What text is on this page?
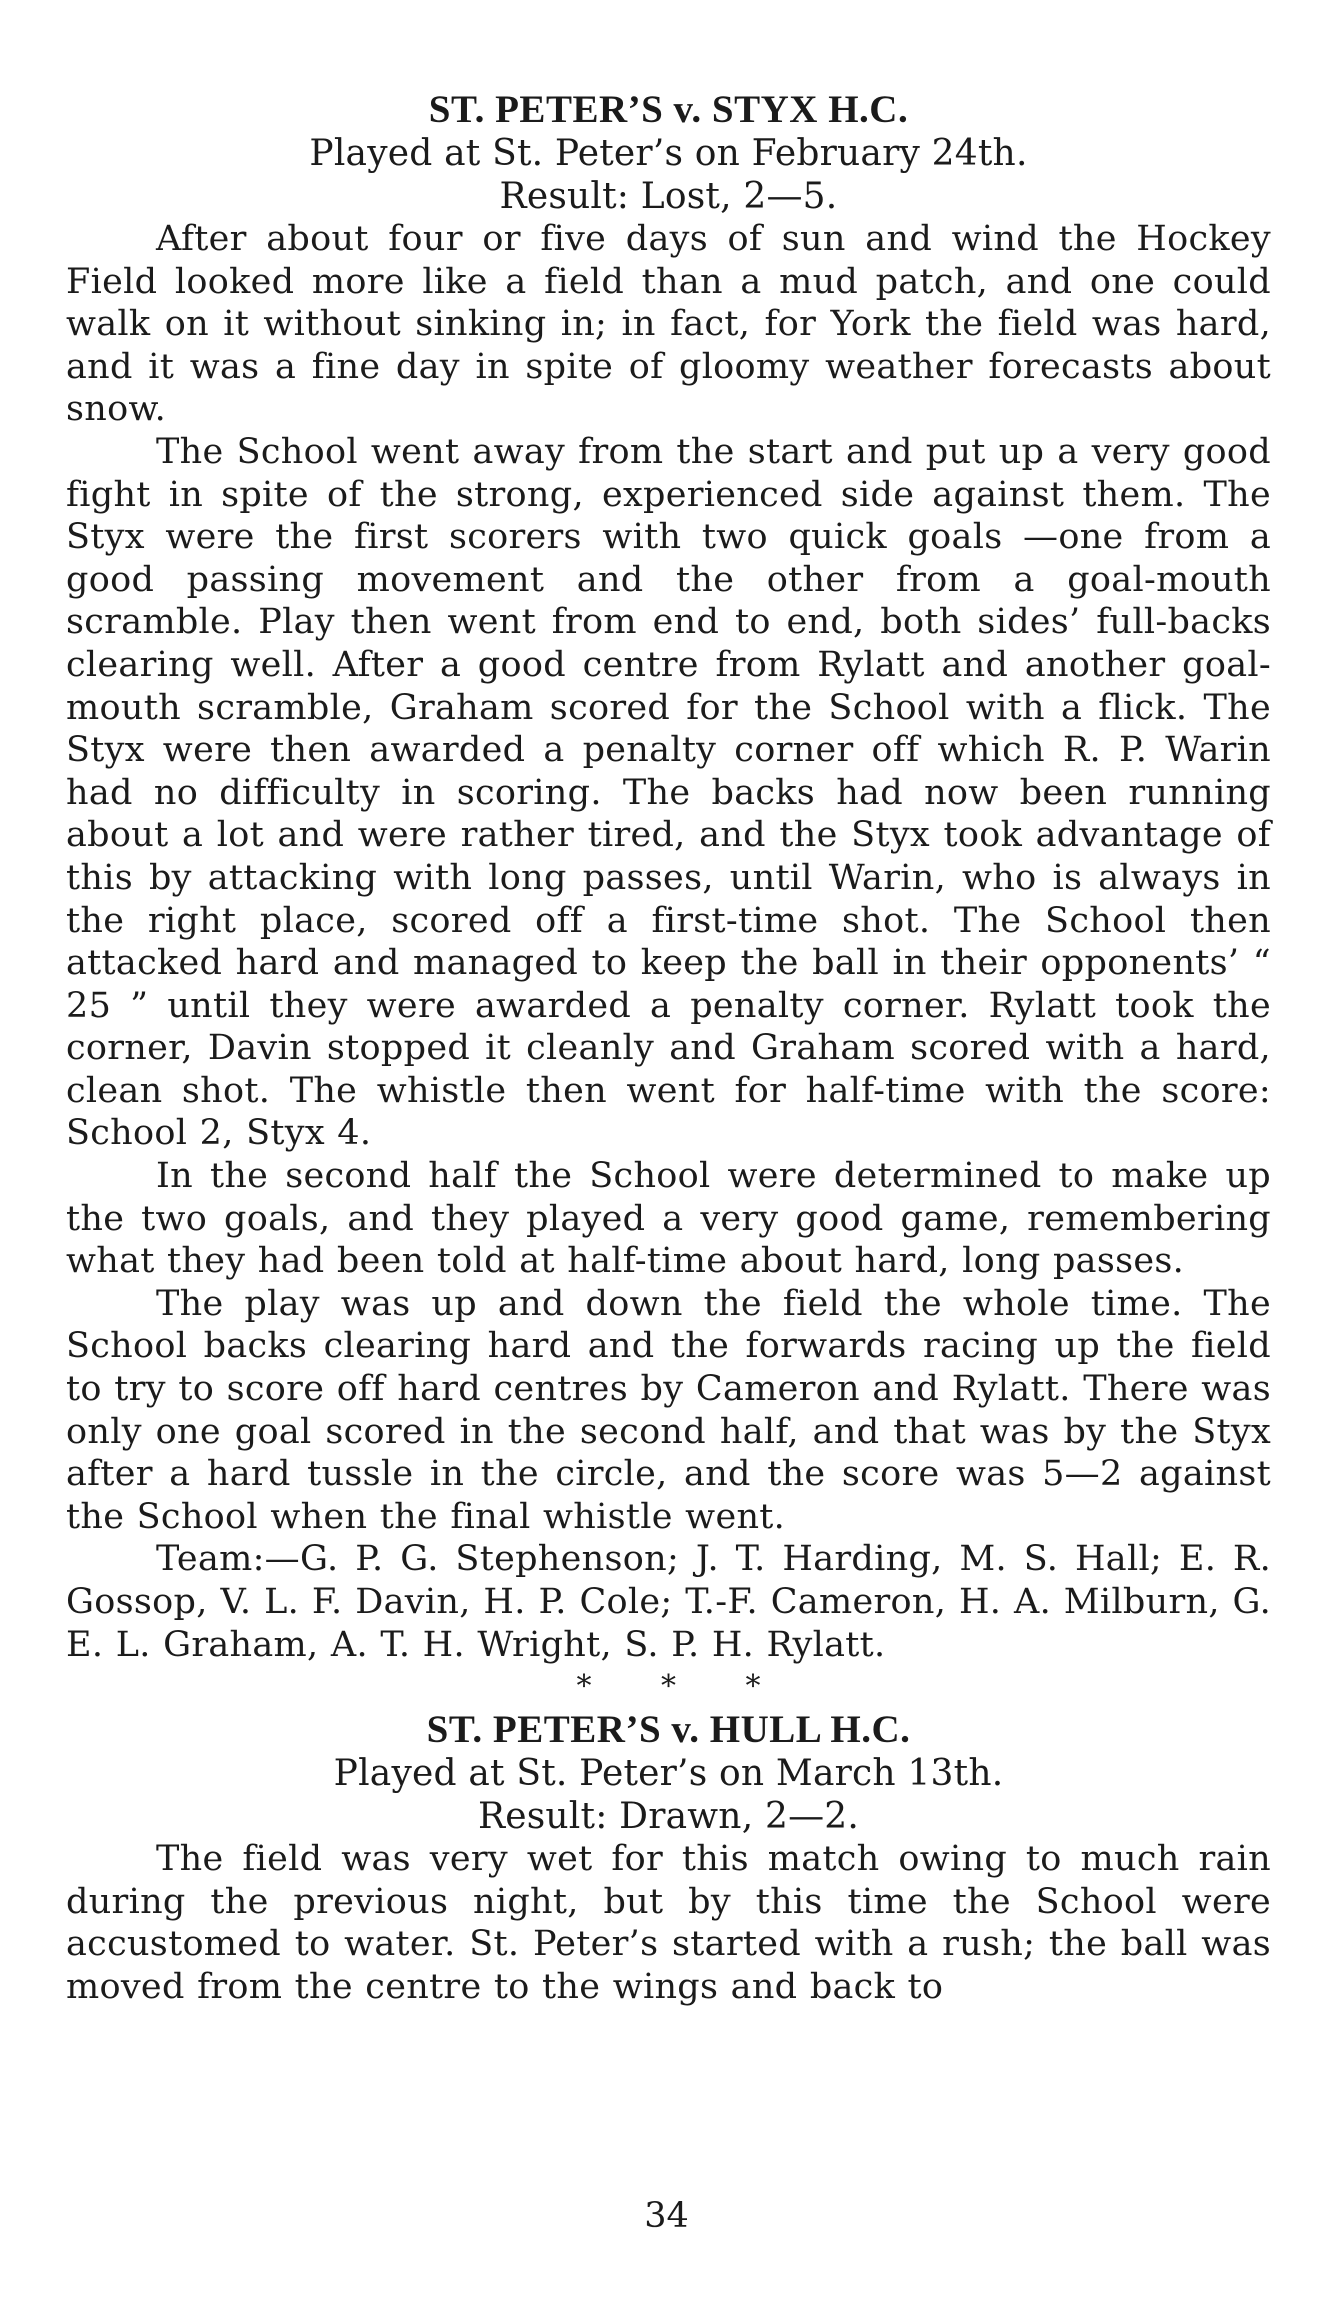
ST. PETER’S v. STYX H.C.

Played at St. Peter’s on February 24th.

Result: Lost, 2—5.

After about four or five days of sun and wind the Hockey Field looked more like a field than a mud patch, and one could walk on it without sinking in; in fact, for York the field was hard, and it was a fine day in spite of gloomy weather forecasts about snow.

The School went away from the start and put up a very good fight in spite of the strong, experienced side against them. The Styx were the first scorers with two quick goals —one from a good passing movement and the other from a goal-mouth scramble. Play then went from end to end, both sides’ full-backs clearing well. After a good centre from Rylatt and another goal-mouth scramble, Graham scored for the School with a flick. The Styx were then awarded a penalty corner off which R. P. Warin had no difficulty in scoring. The backs had now been running about a lot and were rather tired, and the Styx took advantage of this by attacking with long passes, until Warin, who is always in the right place, scored off a first-time shot. The School then attacked hard and managed to keep the ball in their opponents’ “ 25 ” until they were awarded a penalty corner. Rylatt took the corner, Davin stopped it cleanly and Graham scored with a hard, clean shot. The whistle then went for half-time with the score: School 2, Styx 4.

In the second half the School were determined to make up the two goals, and they played a very good game, remembering what they had been told at half-time about hard, long passes.

The play was up and down the field the whole time. The School backs clearing hard and the forwards racing up the field to try to score off hard centres by Cameron and Rylatt. There was only one goal scored in the second half, and that was by the Styx after a hard tussle in the circle, and the score was 5—2 against the School when the final whistle went.

Team:—G. P. G. Stephenson; J. T. Harding, M. S. Hall; E. R. Gossop, V. L. F. Davin, H. P. Cole; T.-F. Cameron, H. A. Milburn, G. E. L. Graham, A. T. H. Wright, S. P. H. Rylatt.

* * *

ST. PETER’S v. HULL H.C.

Played at St. Peter’s on March 13th.

Result: Drawn, 2—2.

The field was very wet for this match owing to much rain during the previous night, but by this time the School were accustomed to water. St. Peter’s started with a rush; the ball was moved from the centre to the wings and back to

34
